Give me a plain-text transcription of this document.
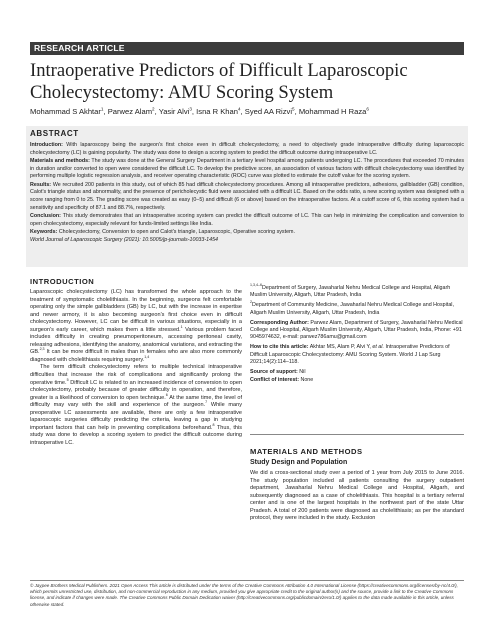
RESEARCH ARTICLE
Intraoperative Predictors of Difficult Laparoscopic
Cholecystectomy: AMU Scoring System
Mohammad S Akhtar$^1$, Parwez Alam$^2$, Yasir Alvi$^3$, Isna R Khan$^4$, Syed AA Rizvi$^5$, Mohammad H Raza$^6$
ABSTRACT

Introduction: With laparoscopy being the surgeon's first choice even in difficult cholecystectomy, a need to objectively grade intraoperative difficulty during laparoscopic cholecystectomy (LC) is gaining popularity. The study was done to design a scoring system to predict the difficult outcome during intraoperative LC.

Materials and methods: The study was done at the General Surgery Department in a tertiary level hospital among patients undergoing LC. The procedures that exceeded 70 minutes in duration and/or converted to open were considered the difficult LC. To develop the predictive score, an association of various factors with difficult cholecystectomy was identified by performing multiple logistic regression analysis, and receiver operating characteristic (ROC) curve was plotted to estimate the cutoff value for the scoring system.

Results: We recruited 200 patients in this study, out of which 85 had difficult cholecystectomy procedures. Among all intraoperative predictors, adhesions, gallbladder (GB) condition, Calot's triangle status and abnormality, and the presence of pericholecystic fluid were associated with a difficult LC. Based on the odds ratio, a new scoring system was designed with a score ranging from 0 to 25. The grading score was created as easy (0–5) and difficult (6 or above) based on the intraoperative factors. At a cutoff score of 6, this scoring system had a sensitivity and specificity of 87.1 and 88.7%, respectively.

Conclusion: This study demonstrates that an intraoperative scoring system can predict the difficult outcome of LC. This can help in minimizing the complication and conversion to open cholecystectomy, especially relevant for funds-limited settings like India.

Keywords: Cholecystectomy, Conversion to open and Calot's triangle, Laparoscopic, Operative scoring system.

World Journal of Laparoscopic Surgery (2021): 10.5005/jp-journals-10033-1454

INTRODUCTION

Laparoscopic cholecystectomy (LC) has transformed the whole approach to the treatment of symptomatic cholelithiasis. In the beginning, surgeons felt comfortable operating only the simple gallbladders (GB) by LC, but with the increase in expertise and newer armory, it is also becoming surgeon's first choice even in difficult cholecystectomy. However, LC can be difficult in various situations, especially in a surgeon's early career, which makes them a little stressed.$^1$ Various problem faced includes difficulty in creating pneumoperitoneum, accessing peritoneal cavity, releasing adhesions, identifying the anatomy, anatomical variations, and extracting the GB.$^{2,3}$ It can be more difficult in males than in females who are also more commonly diagnosed with cholelithiasis requiring surgery.$^{1,4}$

The term difficult cholecystectomy refers to multiple technical intraoperative difficulties that increase the risk of complications and significantly prolong the operative time.$^5$ Difficult LC is related to an increased incidence of conversion to open cholecystectomy, probably because of greater difficulty in operation, and therefore, greater is a likelihood of conversion to open technique.$^6$ At the same time, the level of difficulty may vary with the skill and experience of the surgeon.$^7$ While many preoperative LC assessments are available, there are only a few intraoperative laparoscopic surgeries difficulty predicting the criteria, leaving a gap in studying important factors that can help in preventing complications beforehand.$^8$ Thus, this study was done to develop a scoring system to predict the difficult outcome during intraoperative LC.

$^{1,3,4-6}$Department of Surgery, Jawaharlal Nehru Medical College and Hospital, Aligarh Muslim University, Aligarh, Uttar Pradesh, India

$^2$Department of Community Medicine, Jawaharlal Nehru Medical College and Hospital, Aligarh Muslim University, Aligarh, Uttar Pradesh, India

Corresponding Author: Parwez Alam, Department of Surgery, Jawaharlal Nehru Medical College and Hospital, Aligarh Muslim University, Aligarh, Uttar Pradesh, India, Phone: +91 9045974632, e-mail: parwez786amu@gmail.com

How to cite this article: Akhtar MS, Alam P, Alvi Y, et al. Intraoperative Predictors of Difficult Laparoscopic Cholecystectomy: AMU Scoring System. World J Lap Surg 2021;14(2):114–118.

Source of support: Nil

Conflict of interest: None

MATERIALS AND METHODS
Study Design and Population

We did a cross-sectional study over a period of 1 year from July 2015 to June 2016. The study population included all patients consulting the surgery outpatient department, Jawaharlal Nehru Medical College and Hospital, Aligarh, and subsequently diagnosed as a case of cholelithiasis. This hospital is a tertiary referral center and is one of the largest hospitals in the northwest part of the state Uttar Pradesh. A total of 200 patients were diagnosed as cholelithiasis; as per the standard protocol, they were included in the study. Exclusion

© Jaypee Brothers Medical Publishers. 2021 Open Access This article is distributed under the terms of the Creative Commons Attribution 4.0 International License (https://creativecommons.org/licenses/by-nc/4.0/), which permits unrestricted use, distribution, and non-commercial reproduction in any medium, provided you give appropriate credit to the original author(s) and the source, provide a link to the Creative Commons license, and indicate if changes were made. The Creative Commons Public Domain Dedication waiver (http://creativecommons.org/publicdomain/zero/1.0/) applies to the data made available in this article, unless otherwise stated.
